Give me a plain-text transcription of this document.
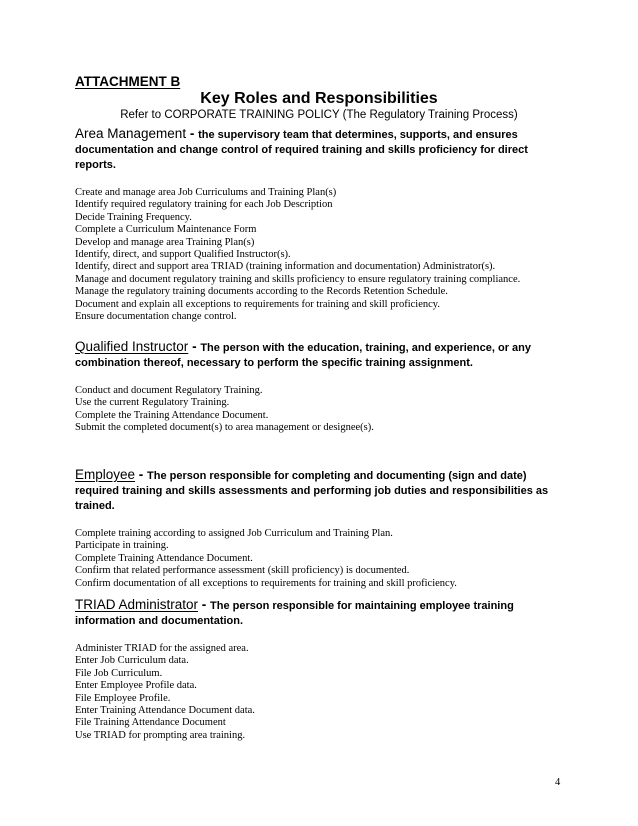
ATTACHMENT B
Key Roles and Responsibilities
Refer to CORPORATE TRAINING POLICY (The Regulatory Training Process)

Area Management - the supervisory team that determines, supports, and ensures documentation and change control of required training and skills proficiency for direct reports.

Create and manage area Job Curriculums and Training Plan(s)
Identify required regulatory training for each Job Description
Decide Training Frequency.
Complete a Curriculum Maintenance Form
Develop and manage area Training Plan(s)
Identify, direct, and support Qualified Instructor(s).
Identify, direct and support area TRIAD (training information and documentation) Administrator(s).
Manage and document regulatory training and skills proficiency to ensure regulatory training compliance.
Manage the regulatory training documents according to the Records Retention Schedule.
Document and explain all exceptions to requirements for training and skill proficiency.
Ensure documentation change control.

Qualified Instructor - The person with the education, training, and experience, or any combination thereof, necessary to perform the specific training assignment.

Conduct and document Regulatory Training.
Use the current Regulatory Training.
Complete the Training Attendance Document.
Submit the completed document(s) to area management or designee(s).

Employee - The person responsible for completing and documenting (sign and date) required training and skills assessments and performing job duties and responsibilities as trained.

Complete training according to assigned Job Curriculum and Training Plan.
Participate in training.
Complete Training Attendance Document.
Confirm that related performance assessment (skill proficiency) is documented.
Confirm documentation of all exceptions to requirements for training and skill proficiency.

TRIAD Administrator - The person responsible for maintaining employee training information and documentation.

Administer TRIAD for the assigned area.
Enter Job Curriculum data.
File Job Curriculum.
Enter Employee Profile data.
File Employee Profile.
Enter Training Attendance Document data.
File Training Attendance Document
Use TRIAD for prompting area training.
4
